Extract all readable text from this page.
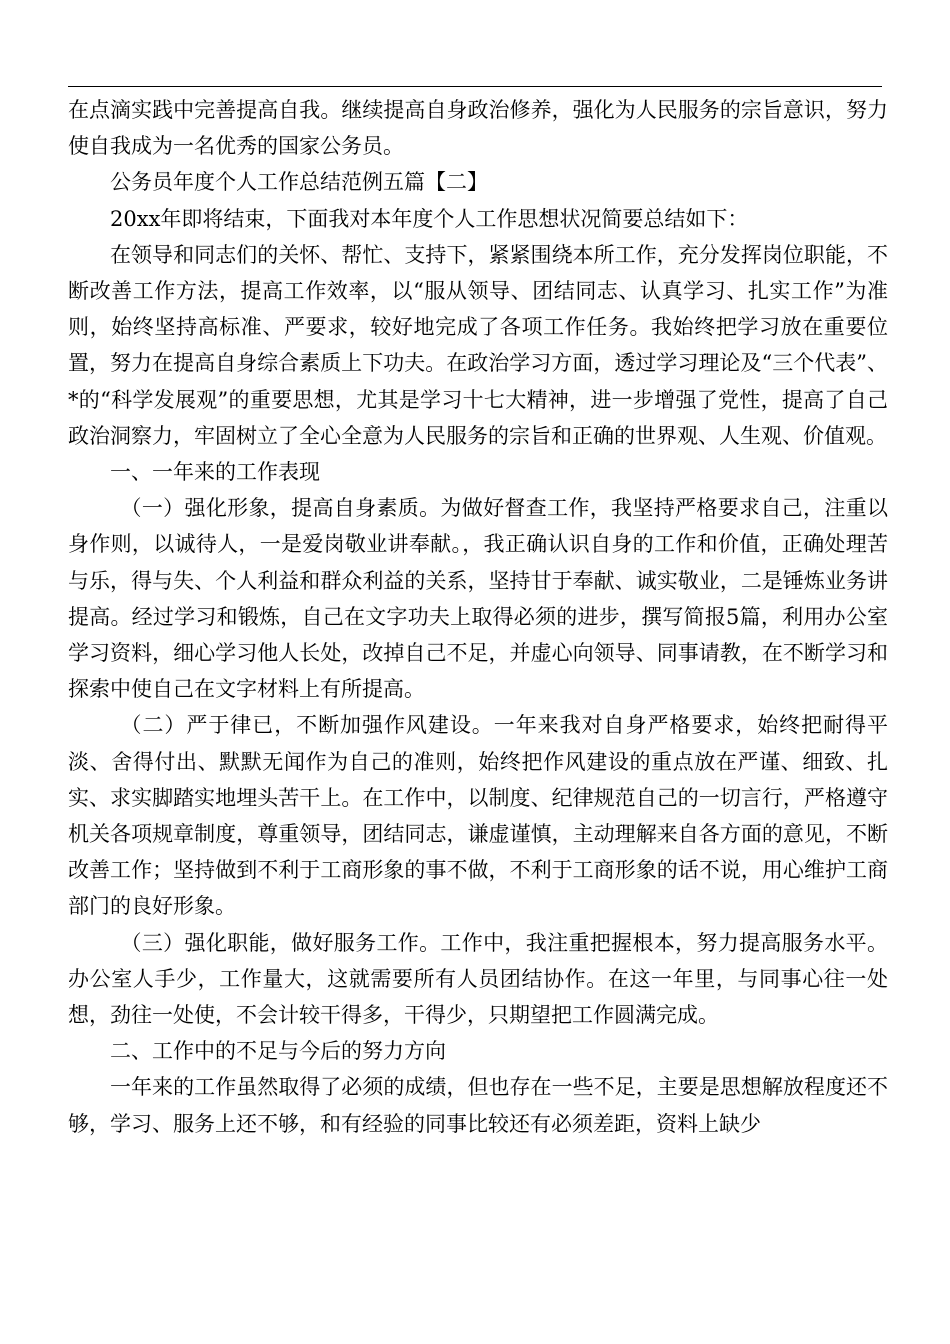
在点滴实践中完善提高自我。继续提高自身政治修养，强化为人民服务的宗旨意识，努力使自我成为一名优秀的国家公务员。

公务员年度个人工作总结范例五篇【二】

20xx年即将结束，下面我对本年度个人工作思想状况简要总结如下：

在领导和同志们的关怀、帮忙、支持下，紧紧围绕本所工作，充分发挥岗位职能，不断改善工作方法，提高工作效率，以“服从领导、团结同志、认真学习、扎实工作”为准则，始终坚持高标准、严要求，较好地完成了各项工作任务。我始终把学习放在重要位置，努力在提高自身综合素质上下功夫。在政治学习方面，透过学习理论及“三个代表”、*的“科学发展观”的重要思想，尤其是学习十七大精神，进一步增强了党性，提高了自己政治洞察力，牢固树立了全心全意为人民服务的宗旨和正确的世界观、人生观、价值观。

一、一年来的工作表现

（一）强化形象，提高自身素质。为做好督查工作，我坚持严格要求自己，注重以身作则，以诚待人，一是爱岗敬业讲奉献。，我正确认识自身的工作和价值，正确处理苦与乐，得与失、个人利益和群众利益的关系，坚持甘于奉献、诚实敬业，二是锤炼业务讲提高。经过学习和锻炼，自己在文字功夫上取得必须的进步，撰写简报5篇，利用办公室学习资料，细心学习他人长处，改掉自己不足，并虚心向领导、同事请教，在不断学习和探索中使自己在文字材料上有所提高。

（二）严于律已，不断加强作风建设。一年来我对自身严格要求，始终把耐得平淡、舍得付出、默默无闻作为自己的准则，始终把作风建设的重点放在严谨、细致、扎实、求实脚踏实地埋头苦干上。在工作中，以制度、纪律规范自己的一切言行，严格遵守机关各项规章制度，尊重领导，团结同志，谦虚谨慎，主动理解来自各方面的意见，不断改善工作；坚持做到不利于工商形象的事不做，不利于工商形象的话不说，用心维护工商部门的良好形象。

（三）强化职能，做好服务工作。工作中，我注重把握根本，努力提高服务水平。办公室人手少，工作量大，这就需要所有人员团结协作。在这一年里，与同事心往一处想，劲往一处使，不会计较干得多，干得少，只期望把工作圆满完成。

二、工作中的不足与今后的努力方向

一年来的工作虽然取得了必须的成绩，但也存在一些不足，主要是思想解放程度还不够，学习、服务上还不够，和有经验的同事比较还有必须差距，资料上缺少
